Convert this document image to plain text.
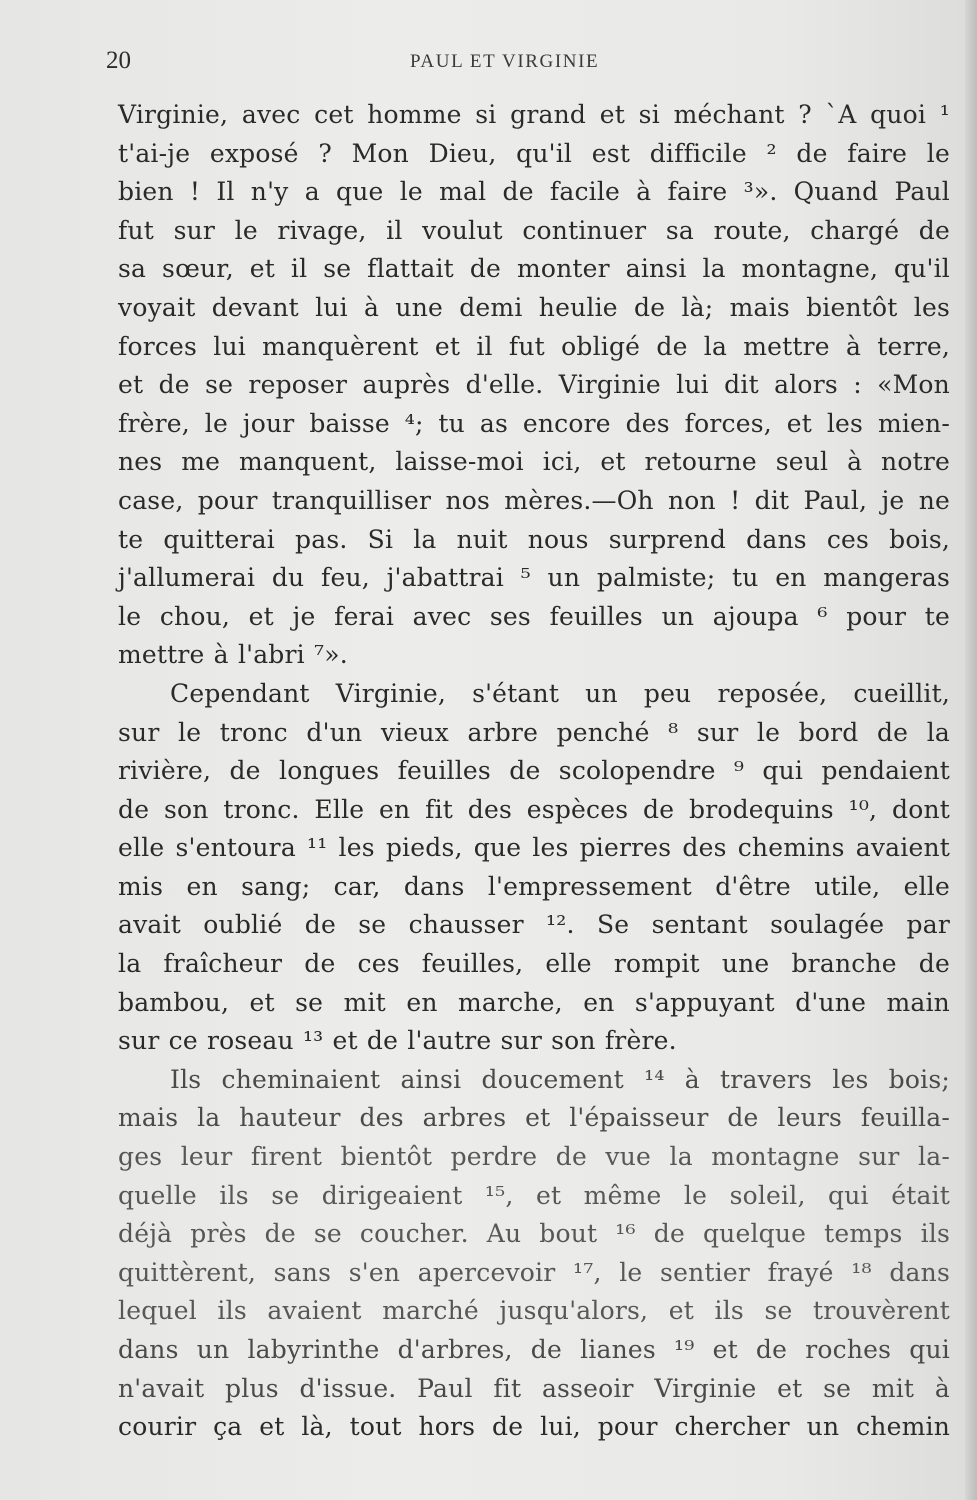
20	PAUL ET VIRGINIE
Virginie, avec cet homme si grand et si méchant ? `A quoi ¹
t'ai-je exposé ? Mon Dieu, qu'il est difficile ² de faire le
bien ! Il n'y a que le mal de facile à faire ³». Quand Paul
fut sur le rivage, il voulut continuer sa route, chargé de
sa sœur, et il se flattait de monter ainsi la montagne, qu'il
voyait devant lui à une demi heulie de là; mais bientôt les
forces lui manquèrent et il fut obligé de la mettre à terre,
et de se reposer auprès d'elle. Virginie lui dit alors : «Mon
frère, le jour baisse ⁴; tu as encore des forces, et les mien-
nes me manquent, laisse-moi ici, et retourne seul à notre
case, pour tranquilliser nos mères.—Oh non ! dit Paul, je ne
te quitterai pas. Si la nuit nous surprend dans ces bois,
j'allumerai du feu, j'abattrai ⁵ un palmiste; tu en mangeras
le chou, et je ferai avec ses feuilles un ajoupa ⁶ pour te
mettre à l'abri ⁷».
Cependant Virginie, s'étant un peu reposée, cueillit,
sur le tronc d'un vieux arbre penché ⁸ sur le bord de la
rivière, de longues feuilles de scolopendre ⁹ qui pendaient
de son tronc. Elle en fit des espèces de brodequins ¹⁰, dont
elle s'entoura ¹¹ les pieds, que les pierres des chemins avaient
mis en sang; car, dans l'empressement d'être utile, elle
avait oublié de se chausser ¹². Se sentant soulagée par
la fraîcheur de ces feuilles, elle rompit une branche de
bambou, et se mit en marche, en s'appuyant d'une main
sur ce roseau ¹³ et de l'autre sur son frère.
Ils cheminaient ainsi doucement ¹⁴ à travers les bois;
mais la hauteur des arbres et l'épaisseur de leurs feuilla-
ges leur firent bientôt perdre de vue la montagne sur la-
quelle ils se dirigeaient ¹⁵, et même le soleil, qui était
déjà près de se coucher. Au bout ¹⁶ de quelque temps ils
quittèrent, sans s'en apercevoir ¹⁷, le sentier frayé ¹⁸ dans
lequel ils avaient marché jusqu'alors, et ils se trouvèrent
dans un labyrinthe d'arbres, de lianes ¹⁹ et de roches qui
n'avait plus d'issue. Paul fit asseoir Virginie et se mit à
courir ça et là, tout hors de lui, pour chercher un chemin
